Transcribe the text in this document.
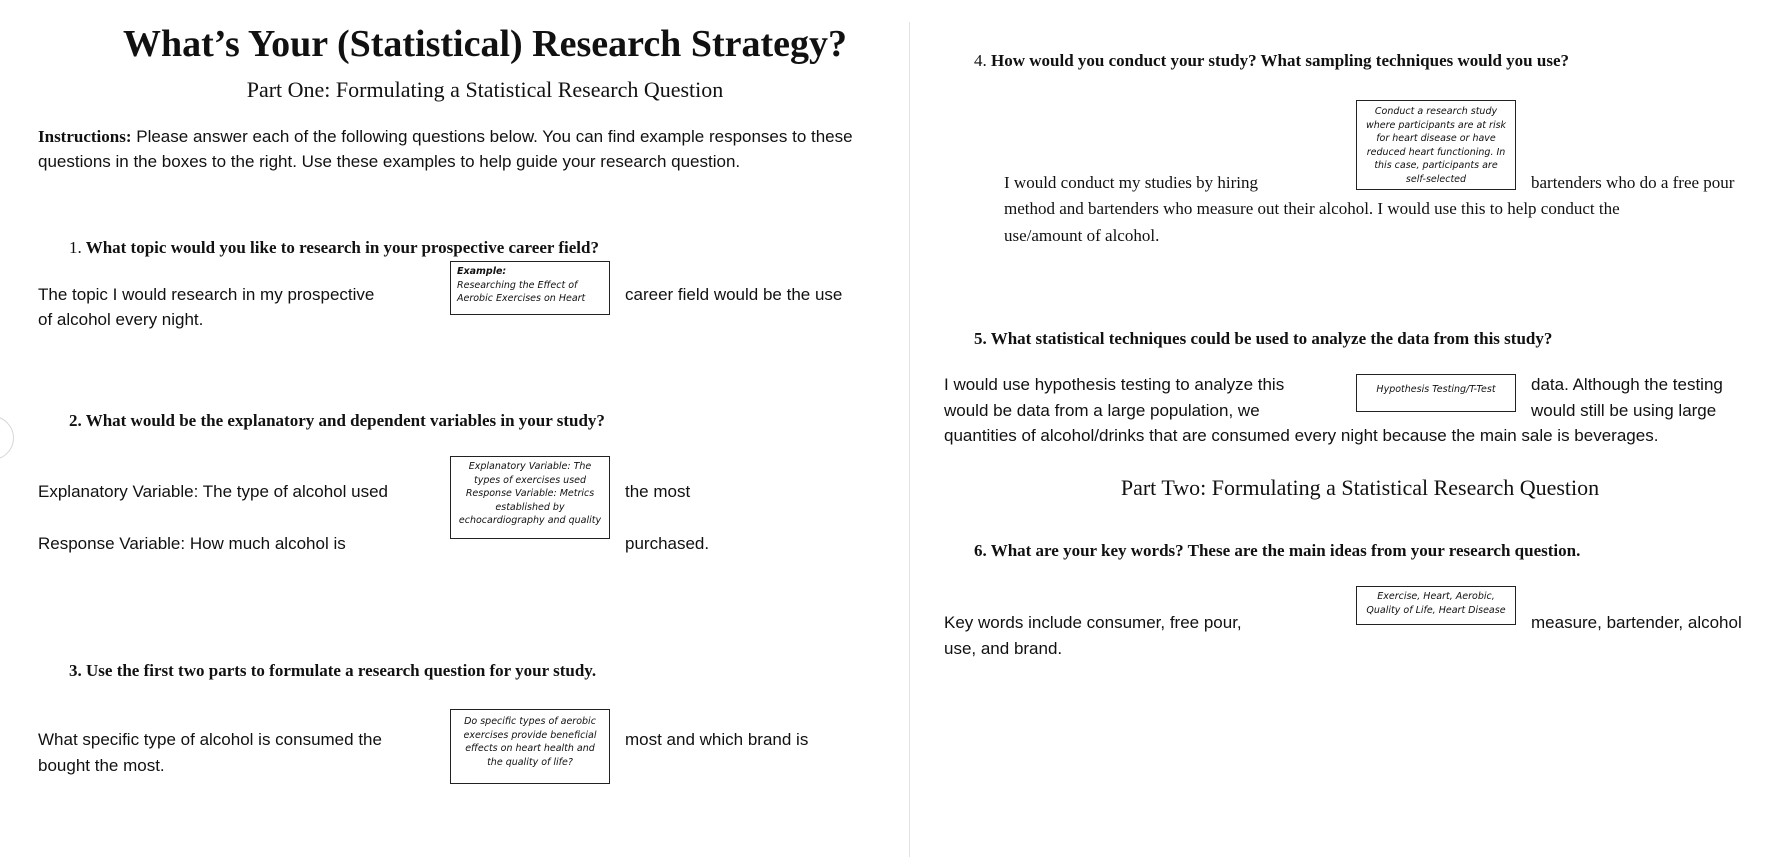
What’s Your (Statistical) Research Strategy?
Part One: Formulating a Statistical Research Question
Instructions: Please answer each of the following questions below. You can find example responses to these questions in the boxes to the right. Use these examples to help guide your research question.
1. What topic would you like to research in your prospective career field?
The topic I would research in my prospective
of alcohol every night.
career field would be the use
Example:
Researching the Effect of Aerobic Exercises on Heart
2. What would be the explanatory and dependent variables in your study?
Explanatory Variable: The type of alcohol used	the most
Response Variable: How much alcohol is	purchased.
Explanatory Variable: The types of exercises used Response Variable: Metrics established by echocardiography and quality
3. Use the first two parts to formulate a research question for your study.
What specific type of alcohol is consumed the
bought the most.
most and which brand is
Do specific types of aerobic exercises provide beneficial effects on heart health and the quality of life?
4. How would you conduct your study? What sampling techniques would you use?
Conduct a research study where participants are at risk for heart disease or have reduced heart functioning. In this case, participants are self-selected
I would conduct my studies by hiring	bartenders who do a free pour
method and bartenders who measure out their alcohol. I would use this to help conduct the
use/amount of alcohol.
5. What statistical techniques could be used to analyze the data from this study?
Hypothesis Testing/T-Test
I would use hypothesis testing to analyze this
would be data from a large population, we
data. Although the testing
would still be using large
quantities of alcohol/drinks that are consumed every night because the main sale is beverages.
Part Two: Formulating a Statistical Research Question
6. What are your key words? These are the main ideas from your research question.
Exercise, Heart, Aerobic, Quality of Life, Heart Disease
Key words include consumer, free pour,	measure, bartender, alcohol
use, and brand.
